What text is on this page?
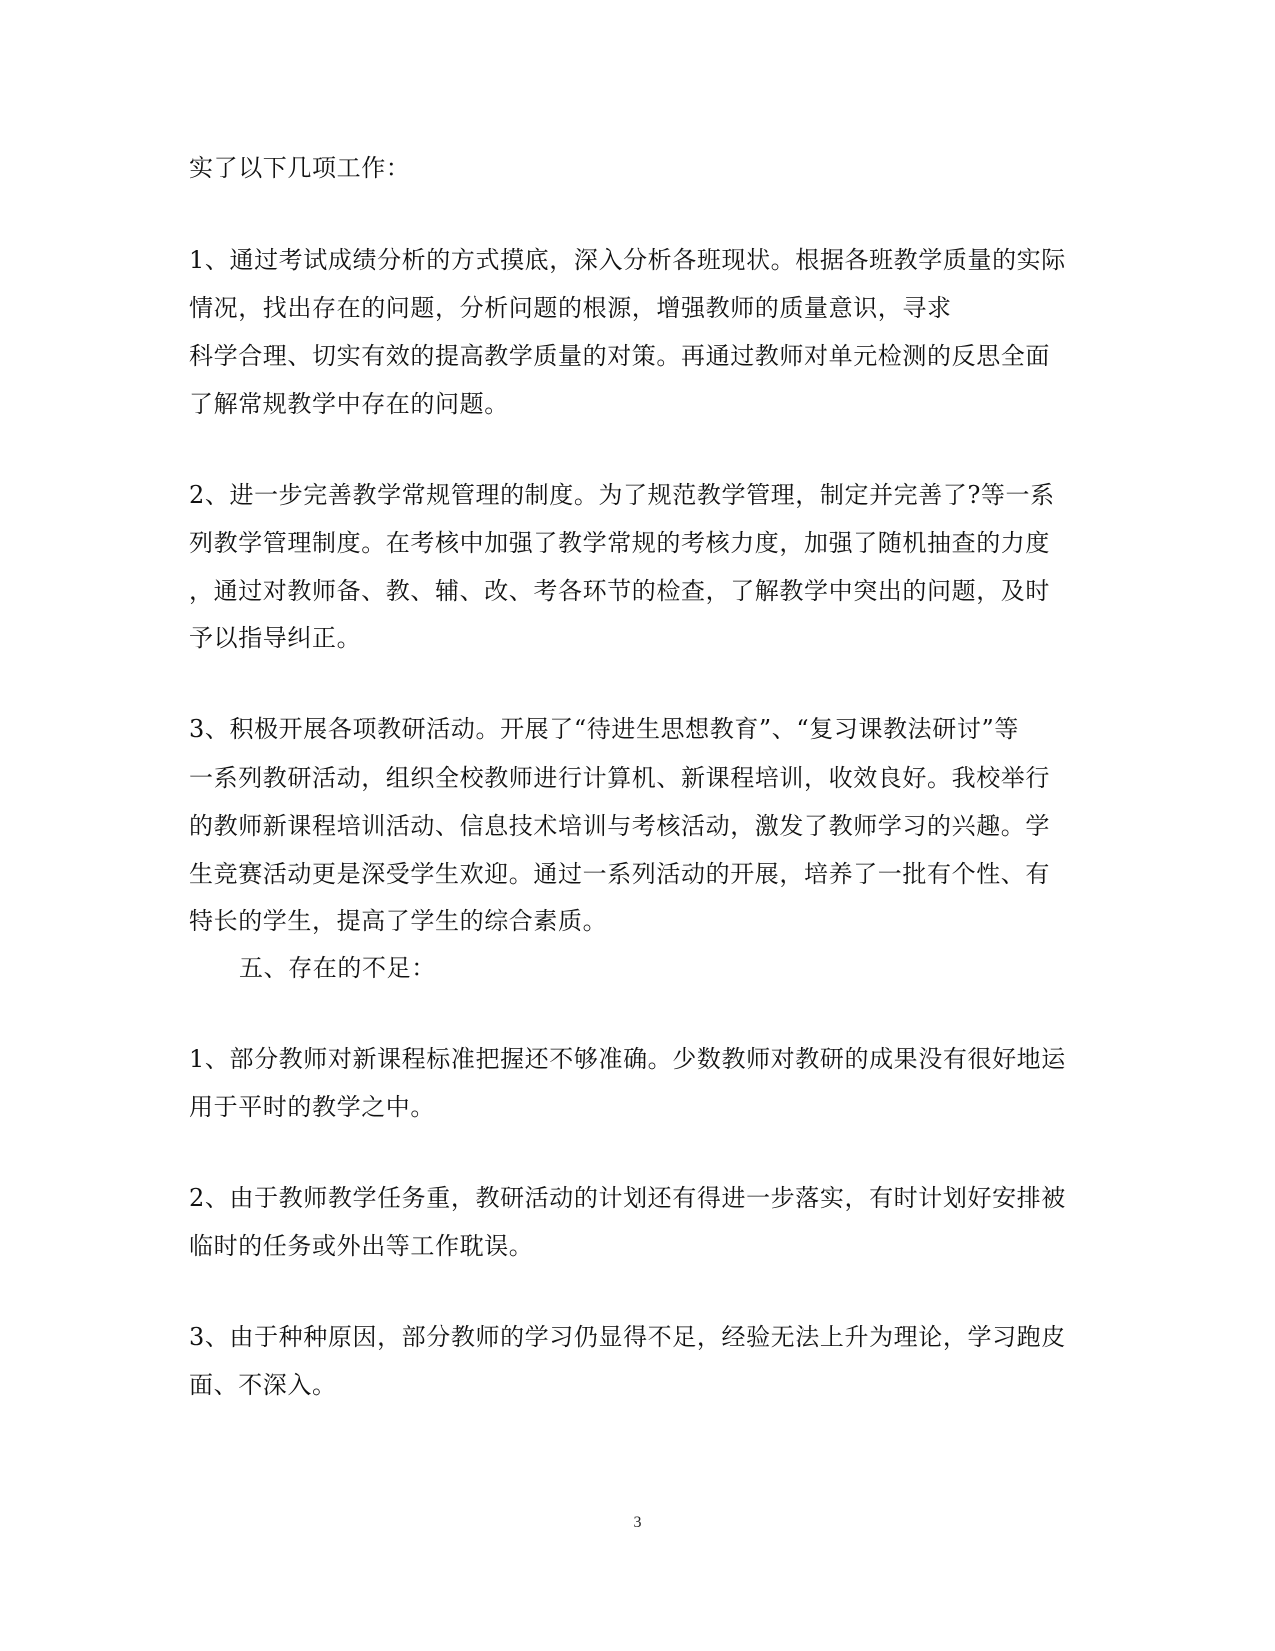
实了以下几项工作：
1、通过考试成绩分析的方式摸底，深入分析各班现状。根据各班教学质量的实际
情况，找出存在的问题，分析问题的根源，增强教师的质量意识，寻求
科学合理、切实有效的提高教学质量的对策。再通过教师对单元检测的反思全面
了解常规教学中存在的问题。
2、进一步完善教学常规管理的制度。为了规范教学管理，制定并完善了?等一系
列教学管理制度。在考核中加强了教学常规的考核力度，加强了随机抽查的力度
，通过对教师备、教、辅、改、考各环节的检查，了解教学中突出的问题，及时
予以指导纠正。
3、积极开展各项教研活动。开展了“待进生思想教育”、“复习课教法研讨”等
一系列教研活动，组织全校教师进行计算机、新课程培训，收效良好。我校举行
的教师新课程培训活动、信息技术培训与考核活动，激发了教师学习的兴趣。学
生竞赛活动更是深受学生欢迎。通过一系列活动的开展，培养了一批有个性、有
特长的学生，提高了学生的综合素质。
五、存在的不足：
1、部分教师对新课程标准把握还不够准确。少数教师对教研的成果没有很好地运
用于平时的教学之中。
2、由于教师教学任务重，教研活动的计划还有得进一步落实，有时计划好安排被
临时的任务或外出等工作耽误。
3、由于种种原因，部分教师的学习仍显得不足，经验无法上升为理论，学习跑皮
面、不深入。
3
